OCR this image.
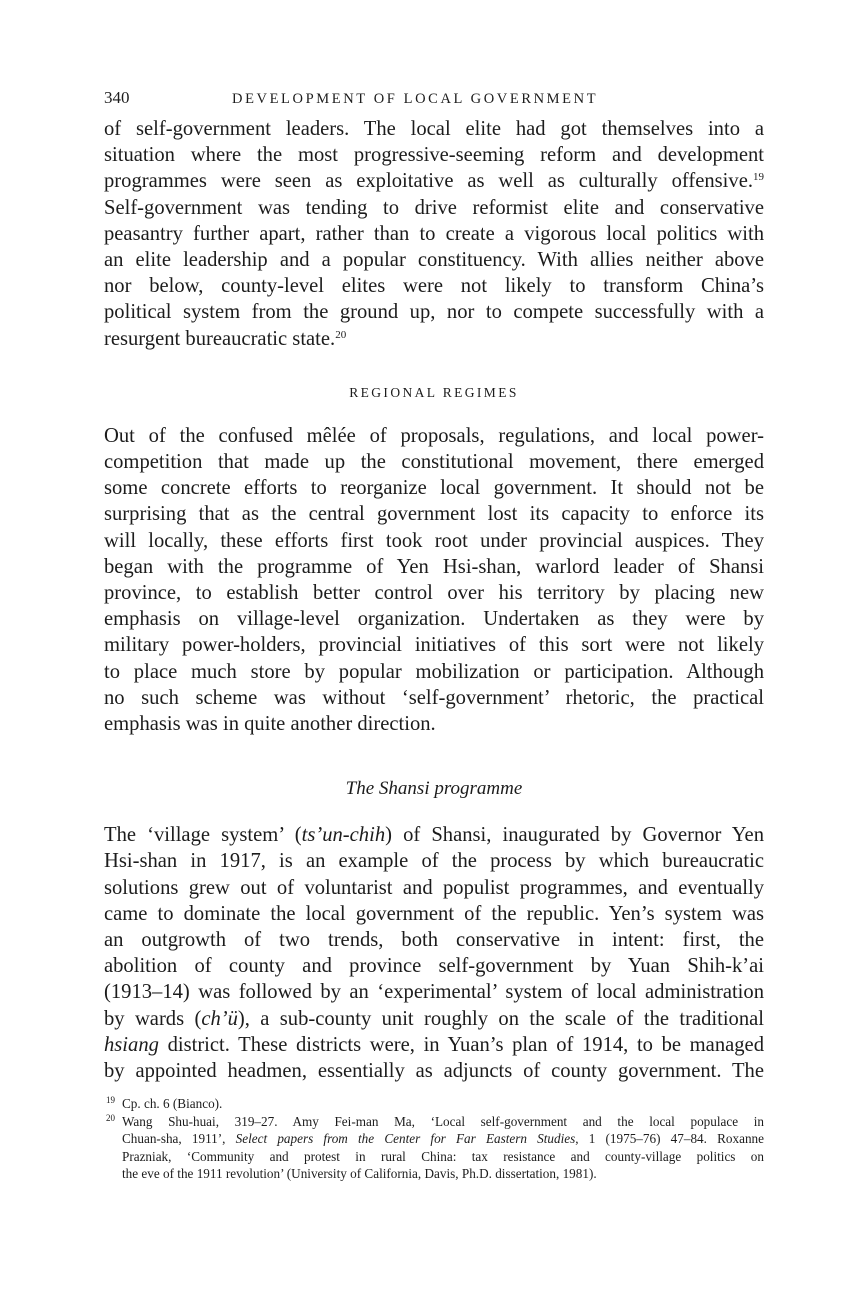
340	DEVELOPMENT OF LOCAL GOVERNMENT
of self-government leaders. The local elite had got themselves into a
situation where the most progressive-seeming reform and development
programmes were seen as exploitative as well as culturally offensive.$^{19}$
Self-government was tending to drive reformist elite and conservative
peasantry further apart, rather than to create a vigorous local politics with
an elite leadership and a popular constituency. With allies neither above
nor below, county-level elites were not likely to transform China’s
political system from the ground up, nor to compete successfully with a
resurgent bureaucratic state.$^{20}$
REGIONAL REGIMES
Out of the confused mêlée of proposals, regulations, and local power-
competition that made up the constitutional movement, there emerged
some concrete efforts to reorganize local government. It should not be
surprising that as the central government lost its capacity to enforce its
will locally, these efforts first took root under provincial auspices. They
began with the programme of Yen Hsi-shan, warlord leader of Shansi
province, to establish better control over his territory by placing new
emphasis on village-level organization. Undertaken as they were by
military power-holders, provincial initiatives of this sort were not likely
to place much store by popular mobilization or participation. Although
no such scheme was without ‘self-government’ rhetoric, the practical
emphasis was in quite another direction.
The Shansi programme
The ‘village system’ (ts’un-chih) of Shansi, inaugurated by Governor Yen
Hsi-shan in 1917, is an example of the process by which bureaucratic
solutions grew out of voluntarist and populist programmes, and eventually
came to dominate the local government of the republic. Yen’s system was
an outgrowth of two trends, both conservative in intent: first, the
abolition of county and province self-government by Yuan Shih-k’ai
(1913–14) was followed by an ‘experimental’ system of local administration
by wards (ch’ü), a sub-county unit roughly on the scale of the traditional
hsiang district. These districts were, in Yuan’s plan of 1914, to be managed
by appointed headmen, essentially as adjuncts of county government. The
19 Cp. ch. 6 (Bianco).
20 Wang Shu-huai, 319–27. Amy Fei-man Ma, ‘Local self-government and the local populace in
Chuan-sha, 1911’, Select papers from the Center for Far Eastern Studies, 1 (1975–76) 47–84. Roxanne
Prazniak, ‘Community and protest in rural China: tax resistance and county-village politics on
the eve of the 1911 revolution’ (University of California, Davis, Ph.D. dissertation, 1981).
